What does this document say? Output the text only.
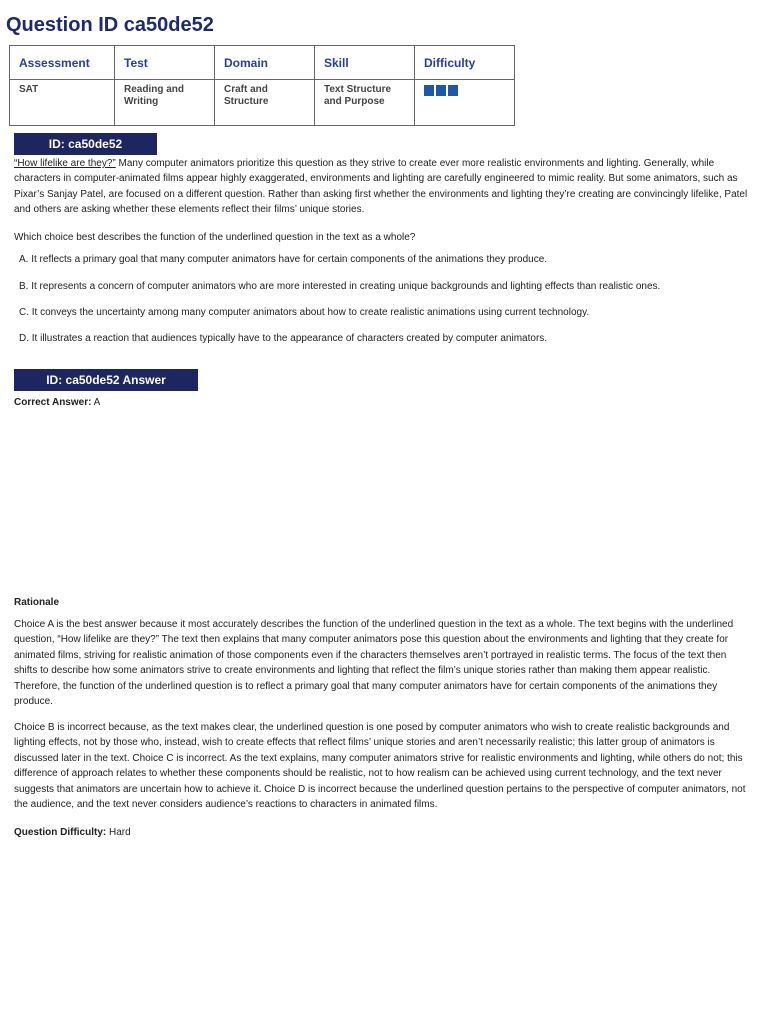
Question ID ca50de52
Assessment	Test	Domain	Skill	Difficulty
SAT	Reading and Writing	Craft and Structure	Text Structure and Purpose	
ID: ca50de52

“How lifelike are they?” Many computer animators prioritize this question as they strive to create ever more realistic environments and lighting. Generally, while characters in computer-animated films appear highly exaggerated, environments and lighting are carefully engineered to mimic reality. But some animators, such as Pixar’s Sanjay Patel, are focused on a different question. Rather than asking first whether the environments and lighting they’re creating are convincingly lifelike, Patel and others are asking whether these elements reflect their films’ unique stories.

Which choice best describes the function of the underlined question in the text as a whole?

A. It reflects a primary goal that many computer animators have for certain components of the animations they produce.

B. It represents a concern of computer animators who are more interested in creating unique backgrounds and lighting effects than realistic ones.

C. It conveys the uncertainty among many computer animators about how to create realistic animations using current technology.

D. It illustrates a reaction that audiences typically have to the appearance of characters created by computer animators.

ID: ca50de52 Answer
Correct Answer: A
Rationale

Choice A is the best answer because it most accurately describes the function of the underlined question in the text as a whole. The text begins with the underlined question, “How lifelike are they?” The text then explains that many computer animators pose this question about the environments and lighting that they create for animated films, striving for realistic animation of those components even if the characters themselves aren’t portrayed in realistic terms. The focus of the text then shifts to describe how some animators strive to create environments and lighting that reflect the film’s unique stories rather than making them appear realistic. Therefore, the function of the underlined question is to reflect a primary goal that many computer animators have for certain components of the animations they produce.

Choice B is incorrect because, as the text makes clear, the underlined question is one posed by computer animators who wish to create realistic backgrounds and lighting effects, not by those who, instead, wish to create effects that reflect films’ unique stories and aren’t necessarily realistic; this latter group of animators is discussed later in the text. Choice C is incorrect. As the text explains, many computer animators strive for realistic environments and lighting, while others do not; this difference of approach relates to whether these components should be realistic, not to how realism can be achieved using current technology, and the text never suggests that animators are uncertain how to achieve it. Choice D is incorrect because the underlined question pertains to the perspective of computer animators, not the audience, and the text never considers audience’s reactions to characters in animated films.

Question Difficulty: Hard
